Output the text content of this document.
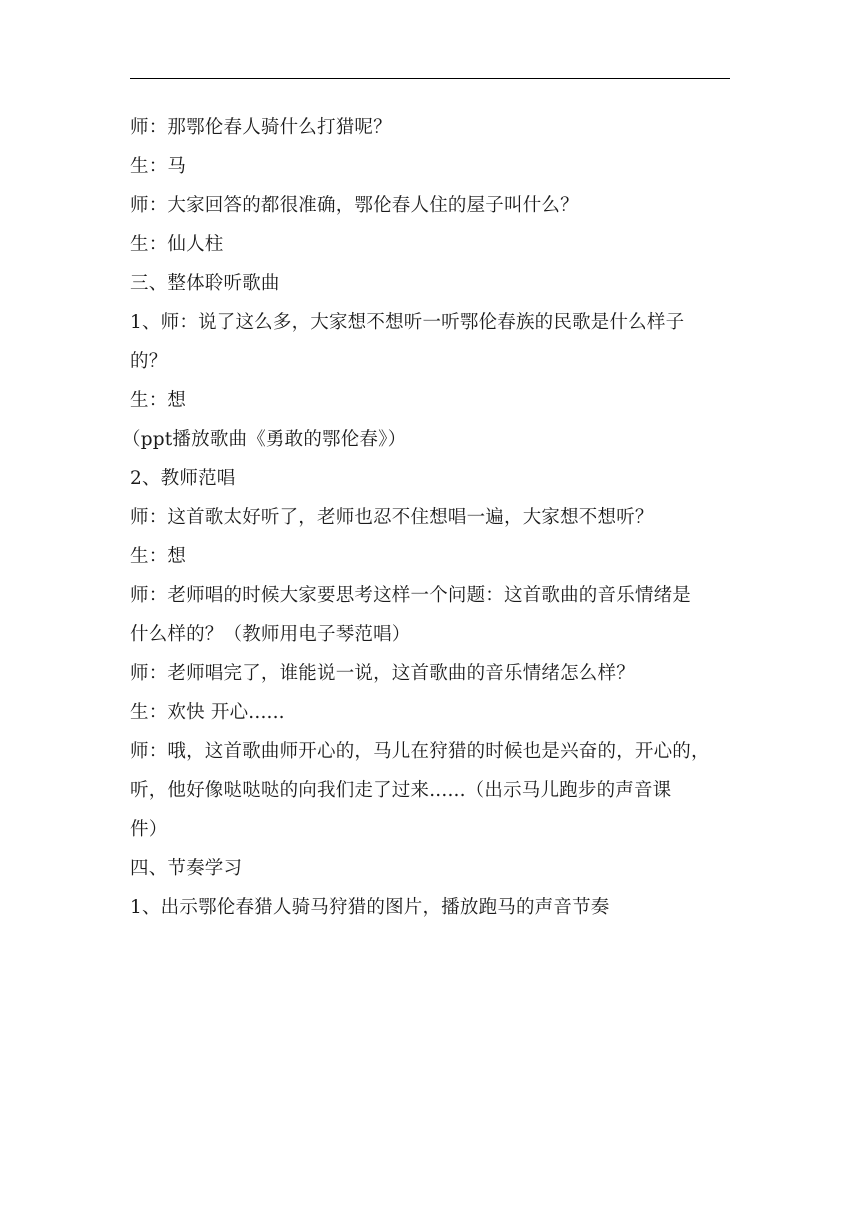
师：那鄂伦春人骑什么打猎呢？
生：马
师：大家回答的都很准确，鄂伦春人住的屋子叫什么？
生：仙人柱
三、整体聆听歌曲
1、师：说了这么多，大家想不想听一听鄂伦春族的民歌是什么样子
的？
生：想
（ppt播放歌曲《勇敢的鄂伦春》）
2、教师范唱
师：这首歌太好听了，老师也忍不住想唱一遍，大家想不想听？
生：想
师：老师唱的时候大家要思考这样一个问题：这首歌曲的音乐情绪是
什么样的？（教师用电子琴范唱）
师：老师唱完了，谁能说一说，这首歌曲的音乐情绪怎么样？
生：欢快 开心......
师：哦，这首歌曲师开心的，马儿在狩猎的时候也是兴奋的，开心的，
听，他好像哒哒哒的向我们走了过来......（出示马儿跑步的声音课
件）
四、节奏学习
1、出示鄂伦春猎人骑马狩猎的图片，播放跑马的声音节奏
